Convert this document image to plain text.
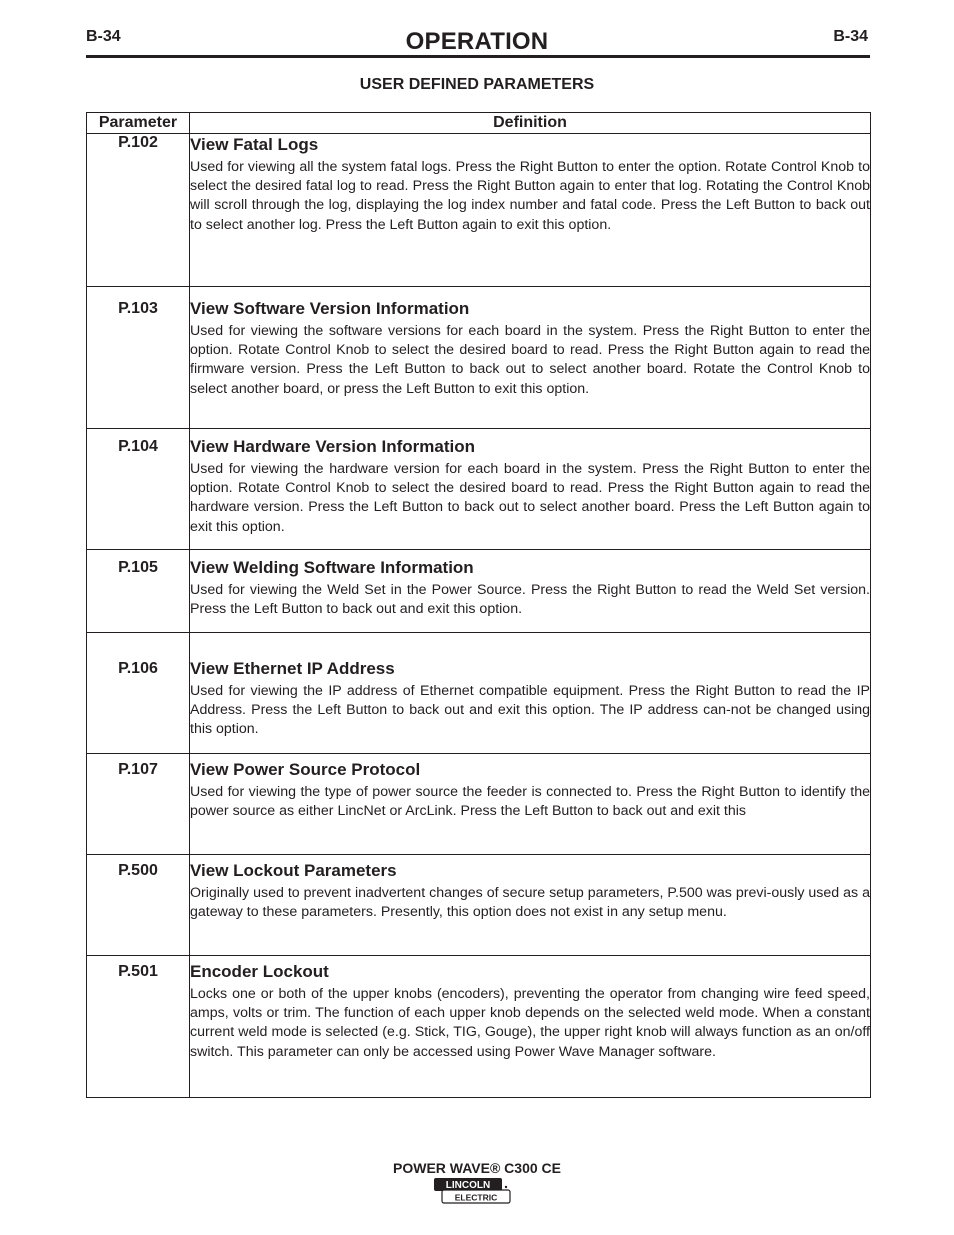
B-34	OPERATION	B-34
USER DEFINED PARAMETERS
Parameter	Definition
P.102	View Fatal Logs
Used for viewing all the system fatal logs. Press the Right Button to enter the option. Rotate Control Knob to select the desired fatal log to read. Press the Right Button again to enter that log. Rotating the Control Knob will scroll through the log, displaying the log index number and fatal code. Press the Left Button to back out to select another log. Press the Left Button again to exit this option.

P.103	View Software Version Information
Used for viewing the software versions for each board in the system. Press the Right Button to enter the option. Rotate Control Knob to select the desired board to read. Press the Right Button again to read the firmware version. Press the Left Button to back out to select another board. Rotate the Control Knob to select another board, or press the Left Button to exit this option.

P.104	View Hardware Version Information
Used for viewing the hardware version for each board in the system. Press the Right Button to enter the option. Rotate Control Knob to select the desired board to read. Press the Right Button again to read the hardware version. Press the Left Button to back out to select another board. Press the Left Button again to exit this option.

P.105	View Welding Software Information
Used for viewing the Weld Set in the Power Source. Press the Right Button to read the Weld Set version. Press the Left Button to back out and exit this option.

P.106	View Ethernet IP Address
Used for viewing the IP address of Ethernet compatible equipment. Press the Right Button to read the IP Address. Press the Left Button to back out and exit this option. The IP address can-not be changed using this option.

P.107	View Power Source Protocol
Used for viewing the type of power source the feeder is connected to. Press the Right Button to identify the power source as either LincNet or ArcLink. Press the Left Button to back out and exit this

P.500	View Lockout Parameters
Originally used to prevent inadvertent changes of secure setup parameters, P.500 was previ-ously used as a gateway to these parameters. Presently, this option does not exist in any setup menu.

P.501	Encoder Lockout
Locks one or both of the upper knobs (encoders), preventing the operator from changing wire feed speed, amps, volts or trim. The function of each upper knob depends on the selected weld mode. When a constant current weld mode is selected (e.g. Stick, TIG, Gouge), the upper right knob will always function as an on/off switch. This parameter can only be accessed using Power Wave Manager software.
POWER WAVE® C300 CE
LINCOLN
ELECTRIC
